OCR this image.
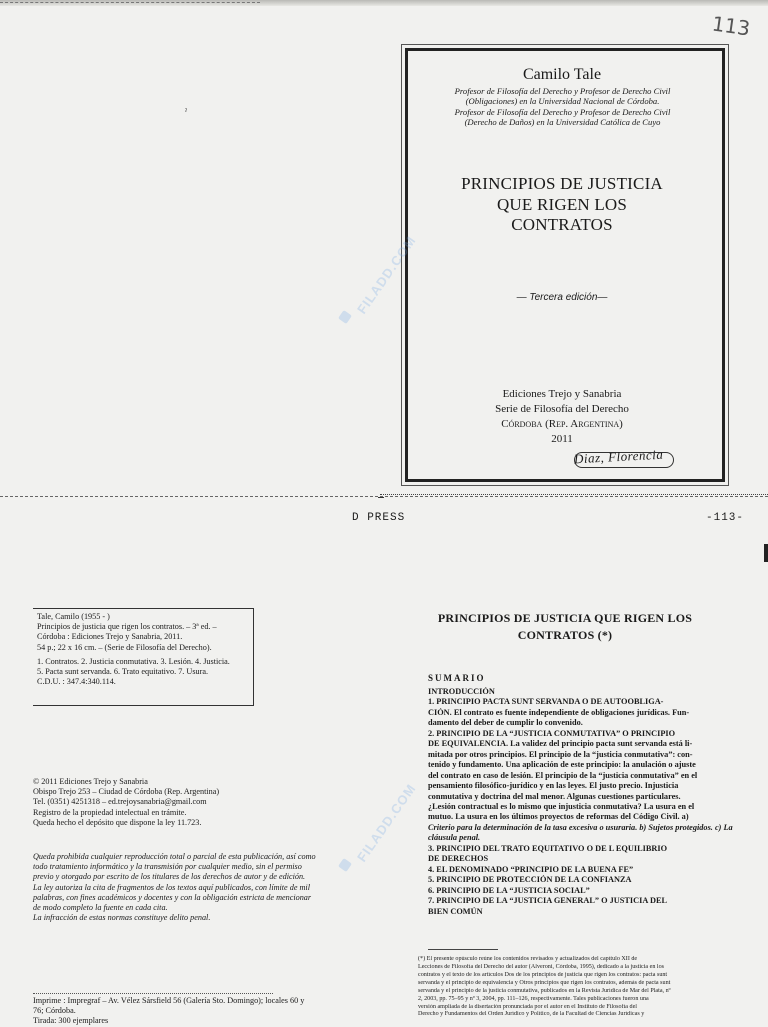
113
ˀ
Camilo Tale
Profesor de Filosofía del Derecho y Profesor de Derecho Civil
(Obligaciones) en la Universidad Nacional de Córdoba.
Profesor de Filosofía del Derecho y Profesor de Derecho Civil
(Derecho de Daños) en la Universidad Católica de Cuyo
PRINCIPIOS DE JUSTICIA
QUE RIGEN LOS
CONTRATOS
— Tercera edición—
Ediciones Trejo y Sanabria
Serie de Filosofía del Derecho
Córdoba (Rep. Argentina)
2011
Diaz, Florencia
FILADD.COM
FILADD.COM
D PRESS	-113-
Tale, Camilo (1955 - )
Principios de justicia que rigen los contratos. – 3ª ed. –
Córdoba : Ediciones Trejo y Sanabria, 2011.
54 p.; 22 x 16 cm. – (Serie de Filosofía del Derecho).
1. Contratos. 2. Justicia conmutativa. 3. Lesión. 4. Justicia.
5. Pacta sunt servanda. 6. Trato equitativo. 7. Usura.
C.D.U. : 347.4:340.114.
© 2011 Ediciones Trejo y Sanabria
Obispo Trejo 253 – Ciudad de Córdoba (Rep. Argentina)
Tel. (0351) 4251318 – ed.trejoysanabria@gmail.com
Registro de la propiedad intelectual en trámite.
Queda hecho el depósito que dispone la ley 11.723.
Queda prohibida cualquier reproducción total o parcial de esta publicación, así como
todo tratamiento informático y la transmisión por cualquier medio, sin el permiso
previo y otorgado por escrito de los titulares de los derechos de autor y de edición.
La ley autoriza la cita de fragmentos de los textos aquí publicados, con límite de mil
palabras, con fines académicos y docentes y con la obligación estricta de mencionar
de modo completo la fuente en cada cita.
La infracción de estas normas constituye delito penal.
Imprime : Impregraf – Av. Vélez Sársfield 56 (Galería Sto. Domingo); locales 60 y
76; Córdoba.
Tirada: 300 ejemplares
PRINCIPIOS DE JUSTICIA QUE RIGEN LOS
CONTRATOS (*)
SUMARIO
INTRODUCCIÓN
1. PRINCIPIO PACTA SUNT SERVANDA O DE AUTOOBLIGA-
CIÓN. El contrato es fuente independiente de obligaciones jurídicas. Fun-
damento del deber de cumplir lo convenido.
2. PRINCIPIO DE LA “JUSTICIA CONMUTATIVA” O PRINCIPIO
DE EQUIVALENCIA. La validez del principio pacta sunt servanda está li-
mitada por otros principios. El principio de la “justicia conmutativa”: con-
tenido y fundamento. Una aplicación de este principio: la anulación o ajuste
del contrato en caso de lesión. El principio de la “justicia conmutativa” en el
pensamiento filosófico-jurídico y en las leyes. El justo precio. Injusticia
conmutativa y doctrina del mal menor. Algunas cuestiones particulares.
¿Lesión contractual es lo mismo que injusticia conmutativa? La usura en el
mutuo. La usura en los últimos proyectos de reformas del Código Civil. a)
Criterio para la determinación de la tasa excesiva o usuraria. b) Sujetos protegidos. c) La
cláusula penal.
3. PRINCIPIO DEL TRATO EQUITATIVO O DE L EQUILIBRIO
DE DERECHOS
4. EL DENOMINADO “PRINCIPIO DE LA BUENA FE”
5. PRINCIPIO DE PROTECCIÓN DE LA CONFIANZA
6. PRINCIPIO DE LA “JUSTICIA SOCIAL”
7. PRINCIPIO DE LA “JUSTICIA GENERAL” O JUSTICIA DEL
BIEN COMÚN
(*) El presente opúsculo reúne los contenidos revisados y actualizados del capítulo XII de
Lecciones de Filosofía del Derecho del autor (Alveroni, Córdoba, 1995), dedicado a la justicia en los
contratos y el texto de los artículos Dos de los principios de justicia que rigen los contratos: pacta sunt
servanda y el principio de equivalencia y Otros principios que rigen los contratos, además de pacta sunt
servanda y el principio de la justicia conmutativa, publicados en la Revista Jurídica de Mar del Plata, nº
2, 2003, pp. 75–95 y nº 3, 2004, pp. 111–126, respectivamente. Tales publicaciones fueron una
versión ampliada de la disertación pronunciada por el autor en el Instituto de Filosofía del
Derecho y Fundamentos del Orden Jurídico y Político, de la Facultad de Ciencias Jurídicas y
